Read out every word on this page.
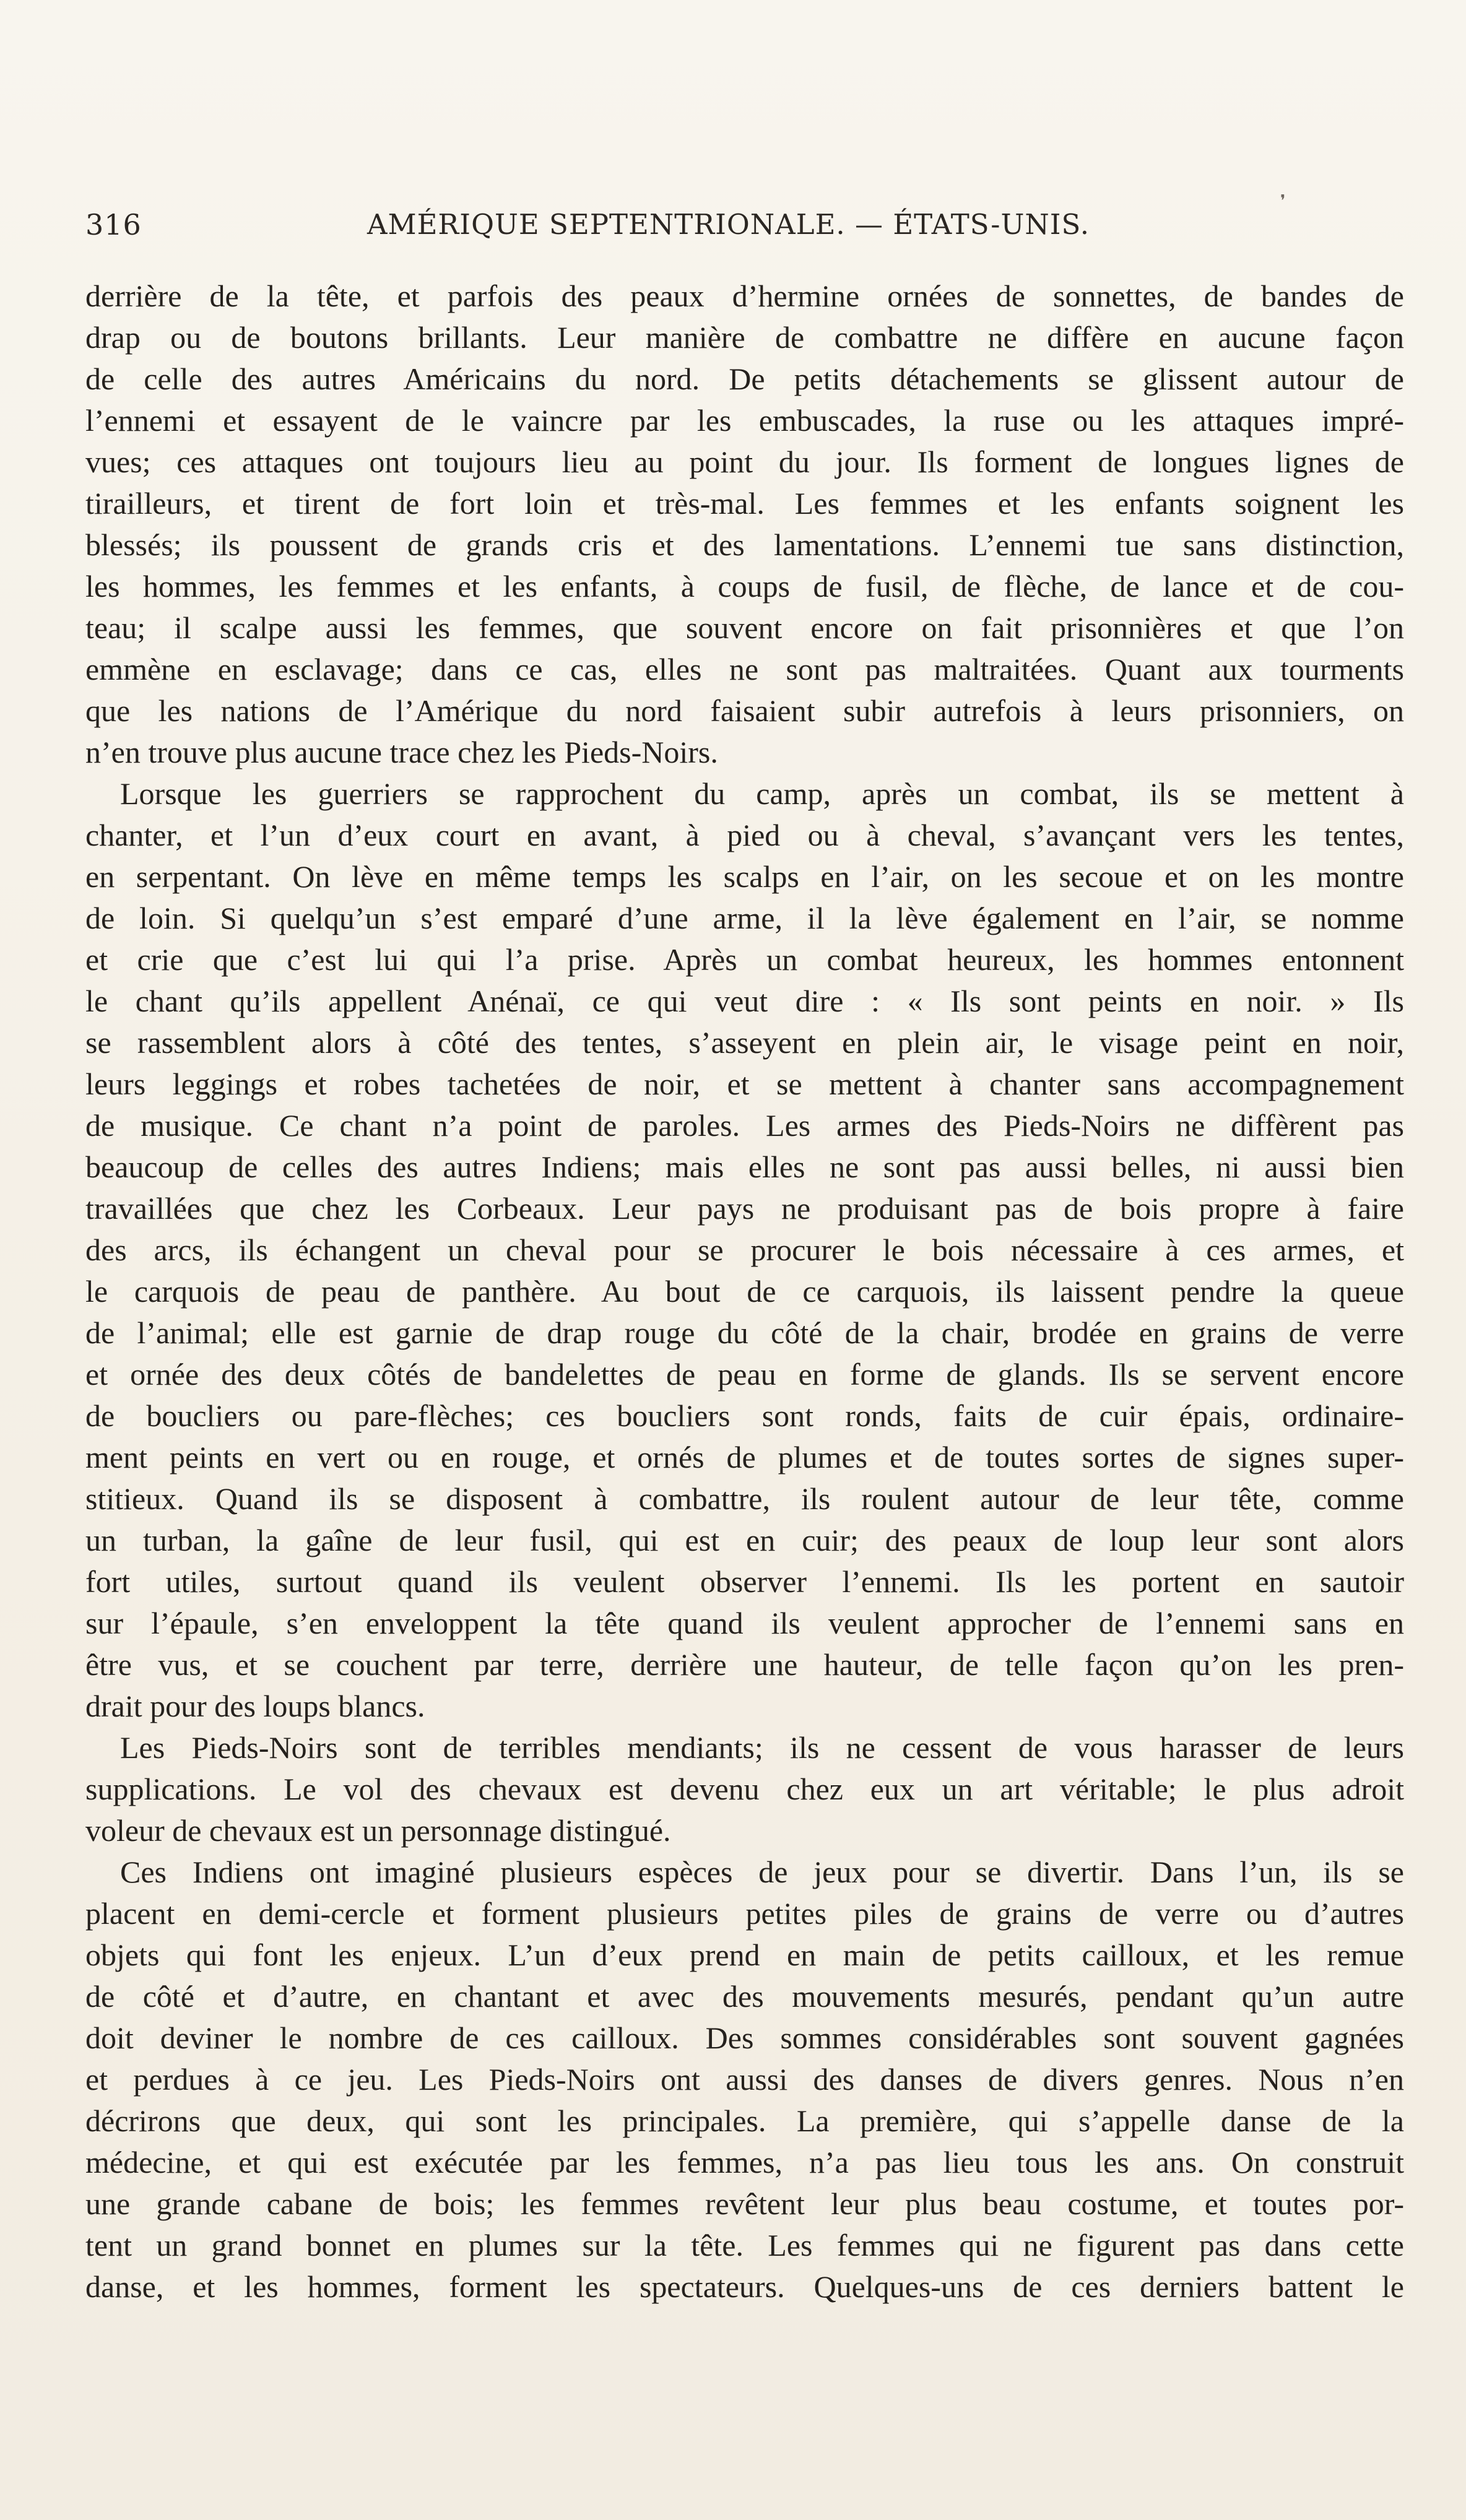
316	AMÉRIQUE SEPTENTRIONALE. — ÉTATS-UNIS.
❜
derrière de la tête, et parfois des peaux d’hermine ornées de sonnettes, de bandes de
drap ou de boutons brillants. Leur manière de combattre ne diffère en aucune façon
de celle des autres Américains du nord. De petits détachements se glissent autour de
l’ennemi et essayent de le vaincre par les embuscades, la ruse ou les attaques impré-
vues; ces attaques ont toujours lieu au point du jour. Ils forment de longues lignes de
tirailleurs, et tirent de fort loin et très-mal. Les femmes et les enfants soignent les
blessés; ils poussent de grands cris et des lamentations. L’ennemi tue sans distinction,
les hommes, les femmes et les enfants, à coups de fusil, de flèche, de lance et de cou-
teau; il scalpe aussi les femmes, que souvent encore on fait prisonnières et que l’on
emmène en esclavage; dans ce cas, elles ne sont pas maltraitées. Quant aux tourments
que les nations de l’Amérique du nord faisaient subir autrefois à leurs prisonniers, on
n’en trouve plus aucune trace chez les Pieds-Noirs.
Lorsque les guerriers se rapprochent du camp, après un combat, ils se mettent à
chanter, et l’un d’eux court en avant, à pied ou à cheval, s’avançant vers les tentes,
en serpentant. On lève en même temps les scalps en l’air, on les secoue et on les montre
de loin. Si quelqu’un s’est emparé d’une arme, il la lève également en l’air, se nomme
et crie que c’est lui qui l’a prise. Après un combat heureux, les hommes entonnent
le chant qu’ils appellent Anénaï, ce qui veut dire : « Ils sont peints en noir. » Ils
se rassemblent alors à côté des tentes, s’asseyent en plein air, le visage peint en noir,
leurs leggings et robes tachetées de noir, et se mettent à chanter sans accompagnement
de musique. Ce chant n’a point de paroles. Les armes des Pieds-Noirs ne diffèrent pas
beaucoup de celles des autres Indiens; mais elles ne sont pas aussi belles, ni aussi bien
travaillées que chez les Corbeaux. Leur pays ne produisant pas de bois propre à faire
des arcs, ils échangent un cheval pour se procurer le bois nécessaire à ces armes, et
le carquois de peau de panthère. Au bout de ce carquois, ils laissent pendre la queue
de l’animal; elle est garnie de drap rouge du côté de la chair, brodée en grains de verre
et ornée des deux côtés de bandelettes de peau en forme de glands. Ils se servent encore
de boucliers ou pare-flèches; ces boucliers sont ronds, faits de cuir épais, ordinaire-
ment peints en vert ou en rouge, et ornés de plumes et de toutes sortes de signes super-
stitieux. Quand ils se disposent à combattre, ils roulent autour de leur tête, comme
un turban, la gaîne de leur fusil, qui est en cuir; des peaux de loup leur sont alors
fort utiles, surtout quand ils veulent observer l’ennemi. Ils les portent en sautoir
sur l’épaule, s’en enveloppent la tête quand ils veulent approcher de l’ennemi sans en
être vus, et se couchent par terre, derrière une hauteur, de telle façon qu’on les pren-
drait pour des loups blancs.
Les Pieds-Noirs sont de terribles mendiants; ils ne cessent de vous harasser de leurs
supplications. Le vol des chevaux est devenu chez eux un art véritable; le plus adroit
voleur de chevaux est un personnage distingué.
Ces Indiens ont imaginé plusieurs espèces de jeux pour se divertir. Dans l’un, ils se
placent en demi-cercle et forment plusieurs petites piles de grains de verre ou d’autres
objets qui font les enjeux. L’un d’eux prend en main de petits cailloux, et les remue
de côté et d’autre, en chantant et avec des mouvements mesurés, pendant qu’un autre
doit deviner le nombre de ces cailloux. Des sommes considérables sont souvent gagnées
et perdues à ce jeu. Les Pieds-Noirs ont aussi des danses de divers genres. Nous n’en
décrirons que deux, qui sont les principales. La première, qui s’appelle danse de la
médecine, et qui est exécutée par les femmes, n’a pas lieu tous les ans. On construit
une grande cabane de bois; les femmes revêtent leur plus beau costume, et toutes por-
tent un grand bonnet en plumes sur la tête. Les femmes qui ne figurent pas dans cette
danse, et les hommes, forment les spectateurs. Quelques-uns de ces derniers battent le
